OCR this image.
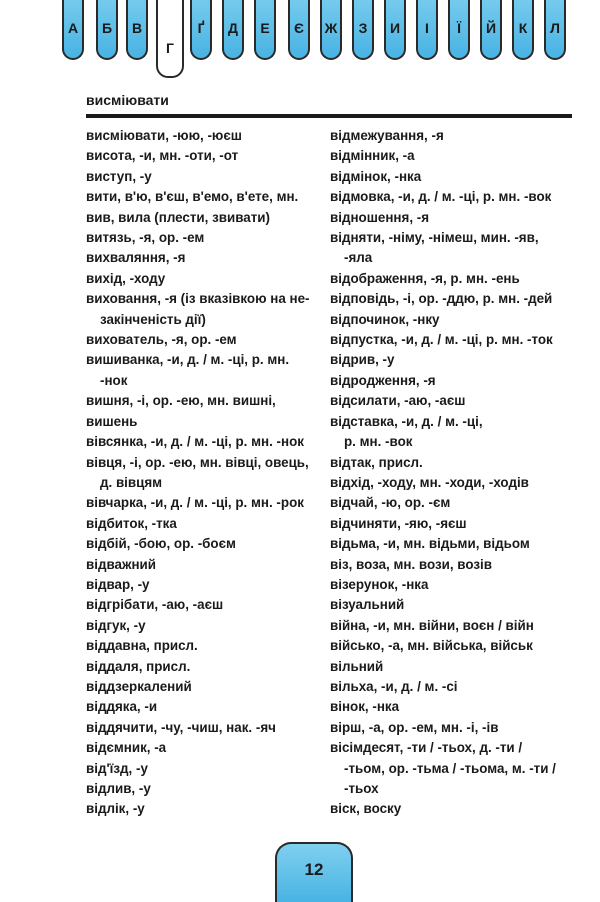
А Б В
Г
Ґ Д Е Є Ж З И І Ї Й К Л
висміювати
висміювати, -юю, -юєш
висота, -и, мн. -оти, -от
виступ, -у
вити, в'ю, в'єш, в'емо, в'ете, мн.
вив, вила (плести, звивати)
витязь, -я, ор. -ем
вихваляння, -я
вихід, -ходу
виховання, -я (із вказівкою на не-
закінченість дії)
вихователь, -я, ор. -ем
вишиванка, -и, д. / м. -ці, р. мн.
-нок
вишня, -і, ор. -ею, мн. вишні,
вишень
вівсянка, -и, д. / м. -ці, р. мн. -нок
вівця, -і, ор. -ею, мн. вівці, овець,
д. вівцям
вівчарка, -и, д. / м. -ці, р. мн. -рок
відбиток, -тка
відбій, -бою, ор. -боєм
відважний
відвар, -у
відгрібати, -аю, -аєш
відгук, -у
віддавна, присл.
віддаля, присл.
віддзеркалений
віддяка, -и
віддячити, -чу, -чиш, нак. -яч
відємник, -а
від'їзд, -у
відлив, -у
відлік, -у
відмежування, -я
відмінник, -а
відмінок, -нка
відмовка, -и, д. / м. -ці, р. мн. -вок
відношення, -я
відняти, -німу, -німеш, мин. -яв,
-яла
відображення, -я, р. мн. -ень
відповідь, -і, ор. -ддю, р. мн. -дей
відпочинок, -нку
відпустка, -и, д. / м. -ці, р. мн. -ток
відрив, -у
відродження, -я
відсилати, -аю, -аєш
відставка, -и, д. / м. -ці,
р. мн. -вок
відтак, присл.
відхід, -ходу, мн. -ходи, -ходів
відчай, -ю, ор. -єм
відчиняти, -яю, -яєш
відьма, -и, мн. відьми, відьом
віз, воза, мн. вози, возів
візерунок, -нка
візуальний
війна, -и, мн. війни, воєн / війн
військо, -а, мн. військa, військ
вільний
вільха, -и, д. / м. -сі
вінок, -нка
вірш, -а, ор. -ем, мн. -і, -ів
вісімдесят, -ти / -тьох, д. -ти /
-тьом, ор. -тьма / -тьома, м. -ти /
-тьох
віск, воску
12
